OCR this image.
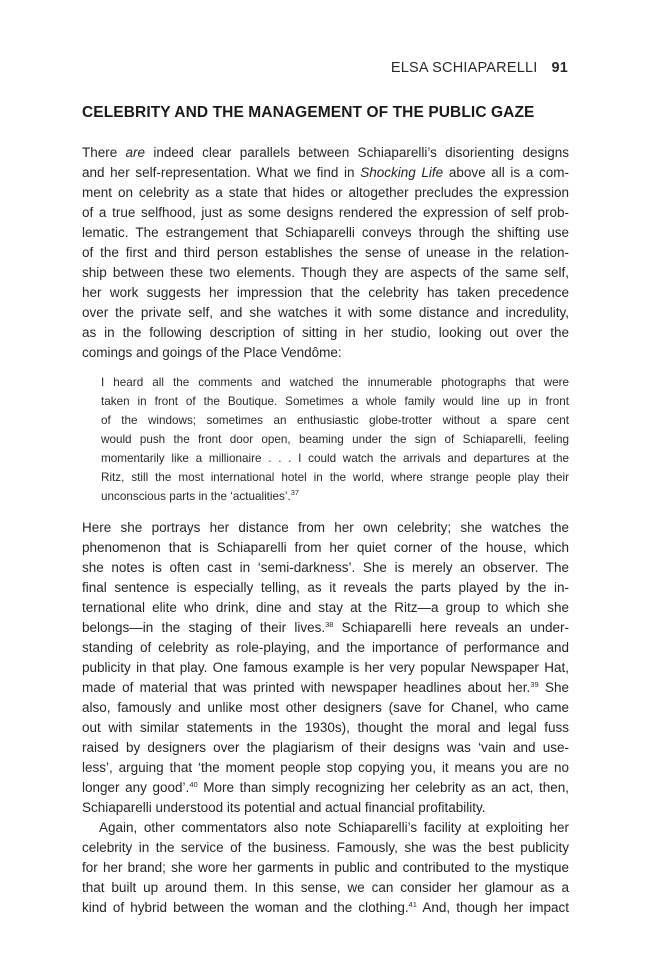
ELSA SCHIAPARELLI 91
CELEBRITY AND THE MANAGEMENT OF THE PUBLIC GAZE
There are indeed clear parallels between Schiaparelli’s disorienting designs
and her self-representation. What we find in Shocking Life above all is a com-
ment on celebrity as a state that hides or altogether precludes the expression
of a true selfhood, just as some designs rendered the expression of self prob-
lematic. The estrangement that Schiaparelli conveys through the shifting use
of the first and third person establishes the sense of unease in the relation-
ship between these two elements. Though they are aspects of the same self,
her work suggests her impression that the celebrity has taken precedence
over the private self, and she watches it with some distance and incredulity,
as in the following description of sitting in her studio, looking out over the
comings and goings of the Place Vendôme:
I heard all the comments and watched the innumerable photographs that were
taken in front of the Boutique. Sometimes a whole family would line up in front
of the windows; sometimes an enthusiastic globe-trotter without a spare cent
would push the front door open, beaming under the sign of Schiaparelli, feeling
momentarily like a millionaire . . . I could watch the arrivals and departures at the
Ritz, still the most international hotel in the world, where strange people play their
unconscious parts in the ‘actualities’.$^{37}$
Here she portrays her distance from her own celebrity; she watches the
phenomenon that is Schiaparelli from her quiet corner of the house, which
she notes is often cast in ‘semi-darkness’. She is merely an observer. The
final sentence is especially telling, as it reveals the parts played by the in-
ternational elite who drink, dine and stay at the Ritz—a group to which she
belongs—in the staging of their lives.$^{38}$ Schiaparelli here reveals an under-
standing of celebrity as role-playing, and the importance of performance and
publicity in that play. One famous example is her very popular Newspaper Hat,
made of material that was printed with newspaper headlines about her.$^{39}$ She
also, famously and unlike most other designers (save for Chanel, who came
out with similar statements in the 1930s), thought the moral and legal fuss
raised by designers over the plagiarism of their designs was ‘vain and use-
less’, arguing that ‘the moment people stop copying you, it means you are no
longer any good’.$^{40}$ More than simply recognizing her celebrity as an act, then,
Schiaparelli understood its potential and actual financial profitability.
Again, other commentators also note Schiaparelli’s facility at exploiting her
celebrity in the service of the business. Famously, she was the best publicity
for her brand; she wore her garments in public and contributed to the mystique
that built up around them. In this sense, we can consider her glamour as a
kind of hybrid between the woman and the clothing.$^{41}$ And, though her impact
